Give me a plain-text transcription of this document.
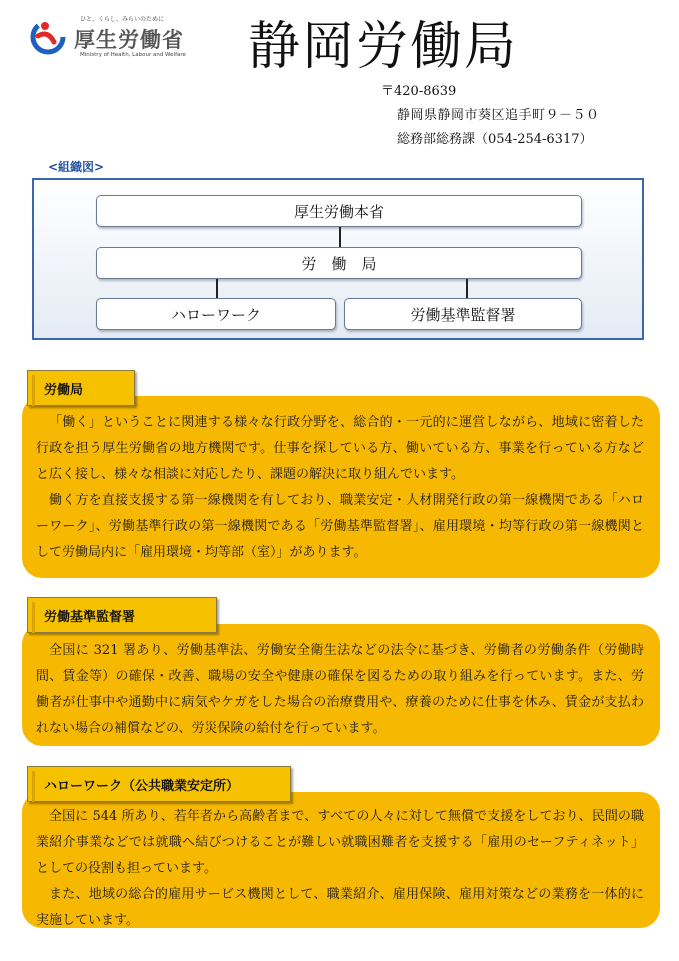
ひと、くらし、みらいのために
厚生労働省
Ministry of Health, Labour and Welfare 静岡労働局
〒420-8639
静岡県静岡市葵区追手町９－５０
総務部総務課（054-254-6317）
<組織図>
厚生労働本省
労　働　局
ハローワーク	労働基準監督署

「働く」ということに関連する様々な行政分野を、総合的・一元的に運営しながら、地域に密着した行政を担う厚生労働省の地方機関です。仕事を探している方、働いている方、事業を行っている方などと広く接し、様々な相談に対応したり、課題の解決に取り組んでいます。

働く方を直接支援する第一線機関を有しており、職業安定・人材開発行政の第一線機関である「ハローワーク」、労働基準行政の第一線機関である「労働基準監督署」、雇用環境・均等行政の第一線機関として労働局内に「雇用環境・均等部（室）」があります。

労働局

全国に 321 署あり、労働基準法、労働安全衛生法などの法令に基づき、労働者の労働条件（労働時間、賃金等）の確保・改善、職場の安全や健康の確保を図るための取り組みを行っています。また、労働者が仕事中や通勤中に病気やケガをした場合の治療費用や、療養のために仕事を休み、賃金が支払われない場合の補償などの、労災保険の給付を行っています。

労働基準監督署

全国に 544 所あり、若年者から高齢者まで、すべての人々に対して無償で支援をしており、民間の職業紹介事業などでは就職へ結びつけることが難しい就職困難者を支援する「雇用のセーフティネット」としての役割も担っています。

また、地域の総合的雇用サービス機関として、職業紹介、雇用保険、雇用対策などの業務を一体的に実施しています。

ハローワーク（公共職業安定所）
